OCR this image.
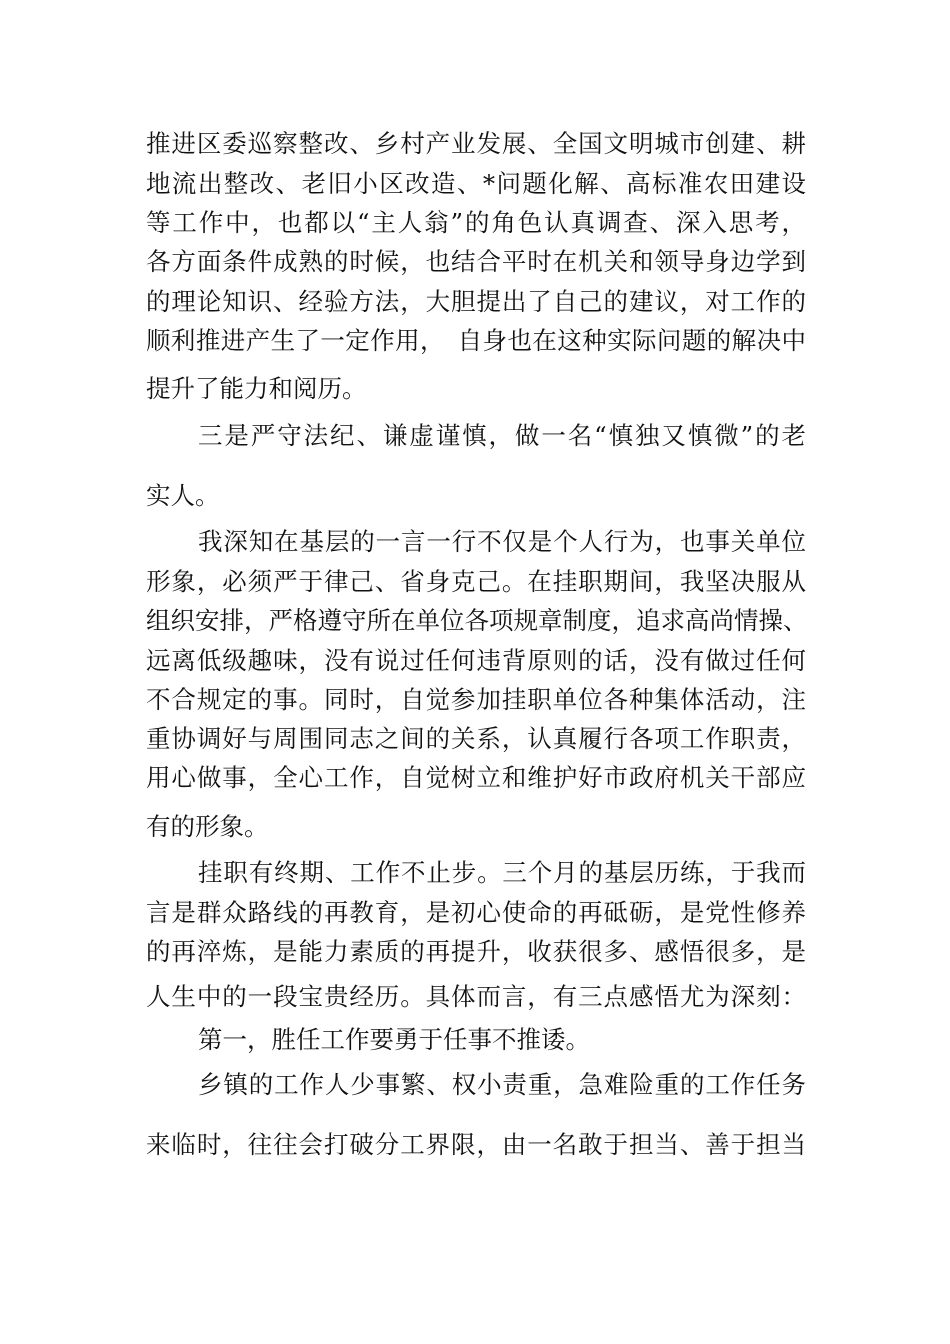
推进区委巡察整改、乡村产业发展、全国文明城市创建、耕
地流出整改、老旧小区改造、*问题化解、高标准农田建设
等工作中，也都以“主人翁”的角色认真调查、深入思考，
各方面条件成熟的时候，也结合平时在机关和领导身边学到
的理论知识、经验方法，大胆提出了自己的建议，对工作的
顺利推进产生了一定作用，　自身也在这种实际问题的解决中
提升了能力和阅历。
三是严守法纪、谦虚谨慎，做一名“慎独又慎微”的老
实人。
我深知在基层的一言一行不仅是个人行为，也事关单位
形象，必须严于律己、省身克己。在挂职期间，我坚决服从
组织安排，严格遵守所在单位各项规章制度，追求高尚情操、
远离低级趣味，没有说过任何违背原则的话，没有做过任何
不合规定的事。同时，自觉参加挂职单位各种集体活动，注
重协调好与周围同志之间的关系，认真履行各项工作职责，
用心做事，全心工作，自觉树立和维护好市政府机关干部应
有的形象。
挂职有终期、工作不止步。三个月的基层历练，于我而
言是群众路线的再教育，是初心使命的再砥砺，是党性修养
的再淬炼，是能力素质的再提升，收获很多、感悟很多，是
人生中的一段宝贵经历。具体而言，有三点感悟尤为深刻：
第一，胜任工作要勇于任事不推诿。
乡镇的工作人少事繁、权小责重，急难险重的工作任务
来临时，往往会打破分工界限，由一名敢于担当、善于担当
